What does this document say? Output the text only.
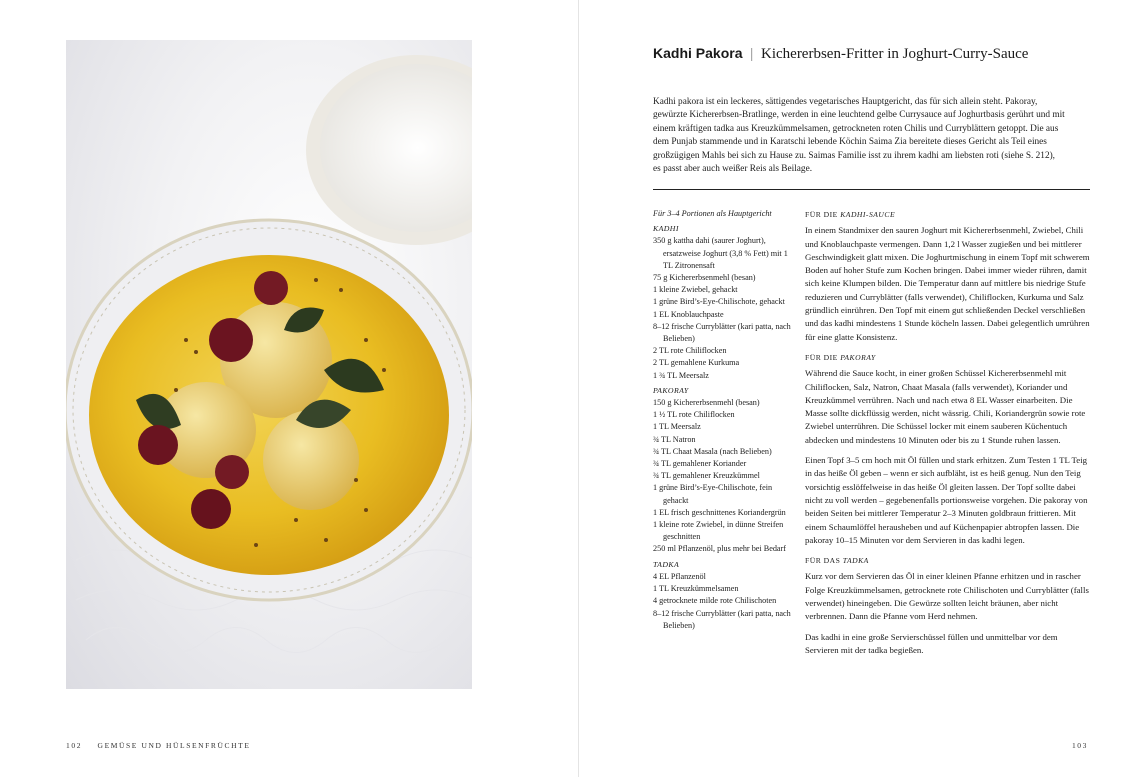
102 GEMÜSE UND HÜLSENFRÜCHTE
Kadhi Pakora | Kichererbsen-Fritter in Joghurt-Curry-Sauce
Kadhi pakora ist ein leckeres, sättigendes vegetarisches Hauptgericht, das für sich allein steht. Pakoray, gewürzte Kichererbsen-Bratlinge, werden in eine leuchtend gelbe Currysauce auf Joghurtbasis gerührt und mit einem kräftigen tadka aus Kreuzkümmelsamen, getrockneten roten Chilis und Curryblättern getoppt. Die aus dem Punjab stammende und in Karatschi lebende Köchin Saima Zia bereitete dieses Gericht als Teil eines großzügigen Mahls bei sich zu Hause zu. Saimas Familie isst zu ihrem kadhi am liebsten roti (siehe S. 212), es passt aber auch weißer Reis als Beilage.
Für 3–4 Portionen als Hauptgericht
KADHI
350 g kattha dahi (saurer Joghurt), ersatzweise Joghurt (3,8 % Fett) mit 1 TL Zitronensaft
75 g Kichererbsenmehl (besan)
1 kleine Zwiebel, gehackt
1 grüne Bird’s-Eye-Chilischote, gehackt
1 EL Knoblauchpaste
8–12 frische Curryblätter (kari patta, nach Belieben)
2 TL rote Chiliflocken
2 TL gemahlene Kurkuma
1 ¾ TL Meersalz
PAKORAY
150 g Kichererbsenmehl (besan)
1 ½ TL rote Chiliflocken
1 TL Meersalz
¾ TL Natron
¾ TL Chaat Masala (nach Belieben)
¾ TL gemahlener Koriander
¾ TL gemahlener Kreuzkümmel
1 grüne Bird’s-Eye-Chilischote, fein gehackt
1 EL frisch geschnittenes Koriandergrün
1 kleine rote Zwiebel, in dünne Streifen geschnitten
250 ml Pflanzenöl, plus mehr bei Bedarf
TADKA
4 EL Pflanzenöl
1 TL Kreuzkümmelsamen
4 getrocknete milde rote Chilischoten
8–12 frische Curryblätter (kari patta, nach Belieben)
FÜR DIE KADHI-SAUCE

In einem Standmixer den sauren Joghurt mit Kichererbsenmehl, Zwiebel, Chili und Knoblauchpaste vermengen. Dann 1,2 l Wasser zugießen und bei mittlerer Geschwindigkeit glatt mixen. Die Joghurtmischung in einem Topf mit schwerem Boden auf hoher Stufe zum Kochen bringen. Dabei immer wieder rühren, damit sich keine Klumpen bilden. Die Temperatur dann auf mittlere bis niedrige Stufe reduzieren und Curryblätter (falls verwendet), Chiliflocken, Kurkuma und Salz gründlich einrühren. Den Topf mit einem gut schließenden Deckel verschließen und das kadhi mindestens 1 Stunde köcheln lassen. Dabei gelegentlich umrühren für eine glatte Konsistenz.

FÜR DIE PAKORAY

Während die Sauce kocht, in einer großen Schüssel Kichererbsenmehl mit Chiliflocken, Salz, Natron, Chaat Masala (falls verwendet), Koriander und Kreuzkümmel verrühren. Nach und nach etwa 8 EL Wasser einarbeiten. Die Masse sollte dickflüssig werden, nicht wässrig. Chili, Koriandergrün sowie rote Zwiebel unterrühren. Die Schüssel locker mit einem sauberen Küchentuch abdecken und mindestens 10 Minuten oder bis zu 1 Stunde ruhen lassen.

Einen Topf 3–5 cm hoch mit Öl füllen und stark erhitzen. Zum Testen 1 TL Teig in das heiße Öl geben – wenn er sich aufbläht, ist es heiß genug. Nun den Teig vorsichtig esslöffelweise in das heiße Öl gleiten lassen. Der Topf sollte dabei nicht zu voll werden – gegebenenfalls portionsweise vorgehen. Die pakoray von beiden Seiten bei mittlerer Temperatur 2–3 Minuten goldbraun frittieren. Mit einem Schaumlöffel herausheben und auf Küchenpapier abtropfen lassen. Die pakoray 10–15 Minuten vor dem Servieren in das kadhi legen.

FÜR DAS TADKA

Kurz vor dem Servieren das Öl in einer kleinen Pfanne erhitzen und in rascher Folge Kreuzkümmelsamen, getrocknete rote Chilischoten und Curryblätter (falls verwendet) hineingeben. Die Gewürze sollten leicht bräunen, aber nicht verbrennen. Dann die Pfanne vom Herd nehmen.

Das kadhi in eine große Servierschüssel füllen und unmittelbar vor dem Servieren mit der tadka begießen.

103
